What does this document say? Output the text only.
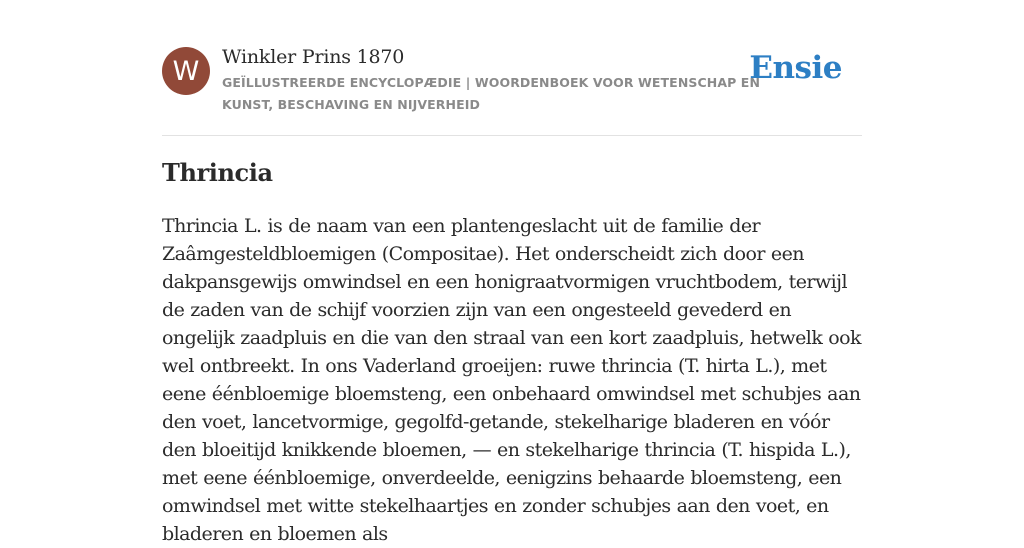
W	Winkler Prins 1870
GEÏLLUSTREERDE ENCYCLOPÆDIE | WOORDENBOEK VOOR WETENSCHAP EN KUNST, BESCHAVING EN NIJVERHEID
Ensie
Thrincia

Thrincia L. is de naam van een plantengeslacht uit de familie der Zaâmgesteldbloemigen (Compositae). Het onderscheidt zich door een dakpansgewijs omwindsel en een honigraatvormigen vruchtbodem, terwijl de zaden van de schijf voorzien zijn van een ongesteeld gevederd en ongelijk zaadpluis en die van den straal van een kort zaadpluis, hetwelk ook wel ontbreekt. In ons Vaderland groeijen: ruwe thrincia (T. hirta L.), met eene éénbloemige bloemsteng, een onbehaard omwindsel met schubjes aan den voet, lancetvormige, gegolfd-getande, stekelharige bladeren en vóór den bloeitijd knikkende bloemen, — en stekelharige thrincia (T. hispida L.), met eene éénbloemige, onverdeelde, eenigzins behaarde bloemsteng, een omwindsel met witte stekelhaartjes en zonder schubjes aan den voet, en bladeren en bloemen als
